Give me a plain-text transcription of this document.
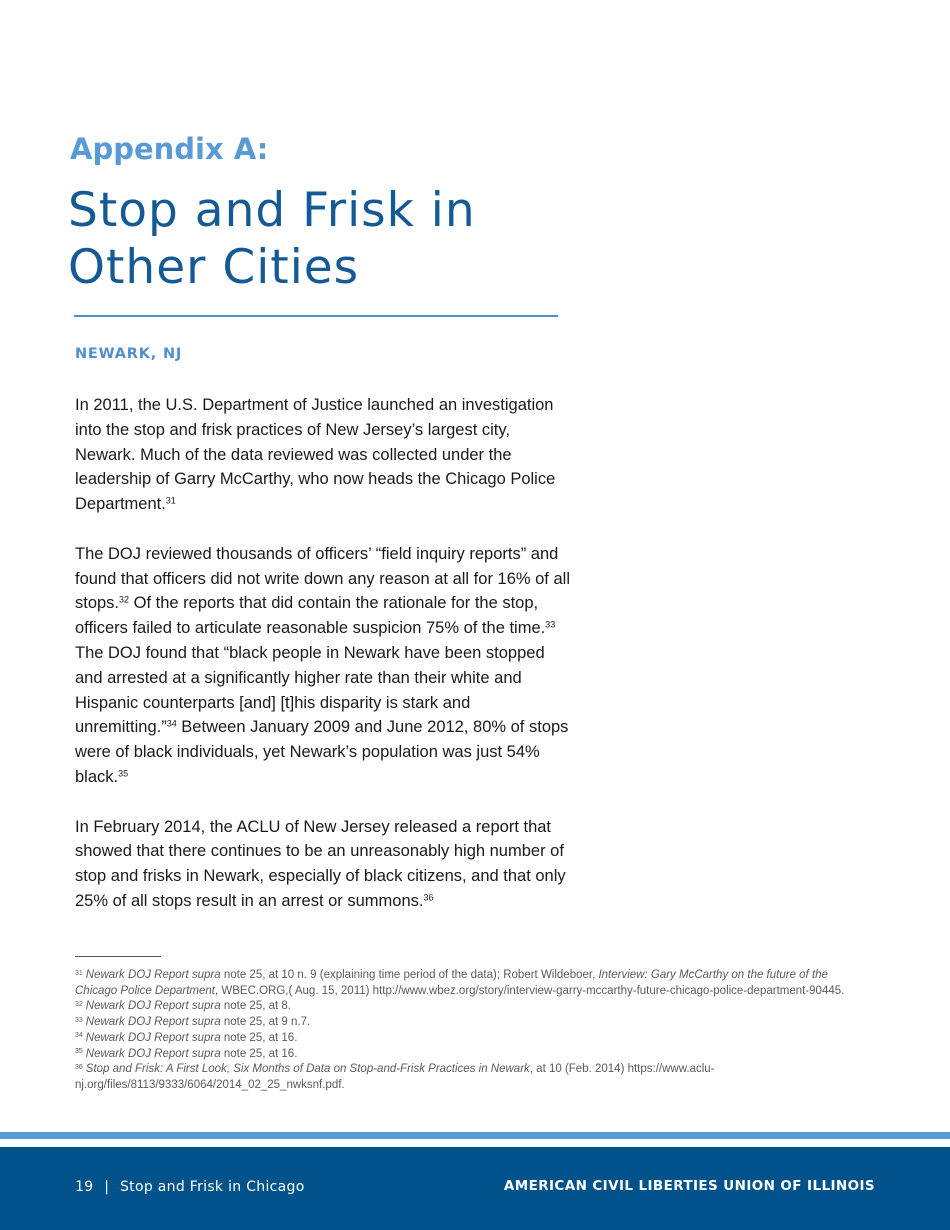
Appendix A:
Stop and Frisk in
Other Cities
NEWARK, NJ

In 2011, the U.S. Department of Justice launched an investigation into the stop and frisk practices of New Jersey’s largest city, Newark. Much of the data reviewed was collected under the leadership of Garry McCarthy, who now heads the Chicago Police Department.$^{31}$

The DOJ reviewed thousands of officers’ “field inquiry reports” and found that officers did not write down any reason at all for 16% of all stops.$^{32}$ Of the reports that did contain the rationale for the stop, officers failed to articulate reasonable suspicion 75% of the time.$^{33}$ The DOJ found that “black people in Newark have been stopped and arrested at a significantly higher rate than their white and Hispanic counterparts [and] [t]his disparity is stark and unremitting.”$^{34}$ Between January 2009 and June 2012, 80% of stops were of black individuals, yet Newark’s population was just 54% black.$^{35}$

In February 2014, the ACLU of New Jersey released a report that showed that there continues to be an unreasonably high number of stop and frisks in Newark, especially of black citizens, and that only 25% of all stops result in an arrest or summons.$^{36}$

$^{31}$ Newark DOJ Report supra note 25, at 10 n. 9 (explaining time period of the data); Robert Wildeboer, Interview: Gary McCarthy on the future of the Chicago Police Department, WBEC.ORG,( Aug. 15, 2011) http://www.wbez.org/story/interview-garry-mccarthy-future-chicago-police-department-90445.

$^{32}$ Newark DOJ Report supra note 25, at 8.

$^{33}$ Newark DOJ Report supra note 25, at 9 n.7.

$^{34}$ Newark DOJ Report supra note 25, at 16.

$^{35}$ Newark DOJ Report supra note 25, at 16.

$^{36}$ Stop and Frisk: A First Look, Six Months of Data on Stop-and-Frisk Practices in Newark, at 10 (Feb. 2014) https://www.aclu-nj.org/files/8113/9333/6064/2014_02_25_nwksnf.pdf.

19 | Stop and Frisk in Chicago	AMERICAN CIVIL LIBERTIES UNION OF ILLINOIS
